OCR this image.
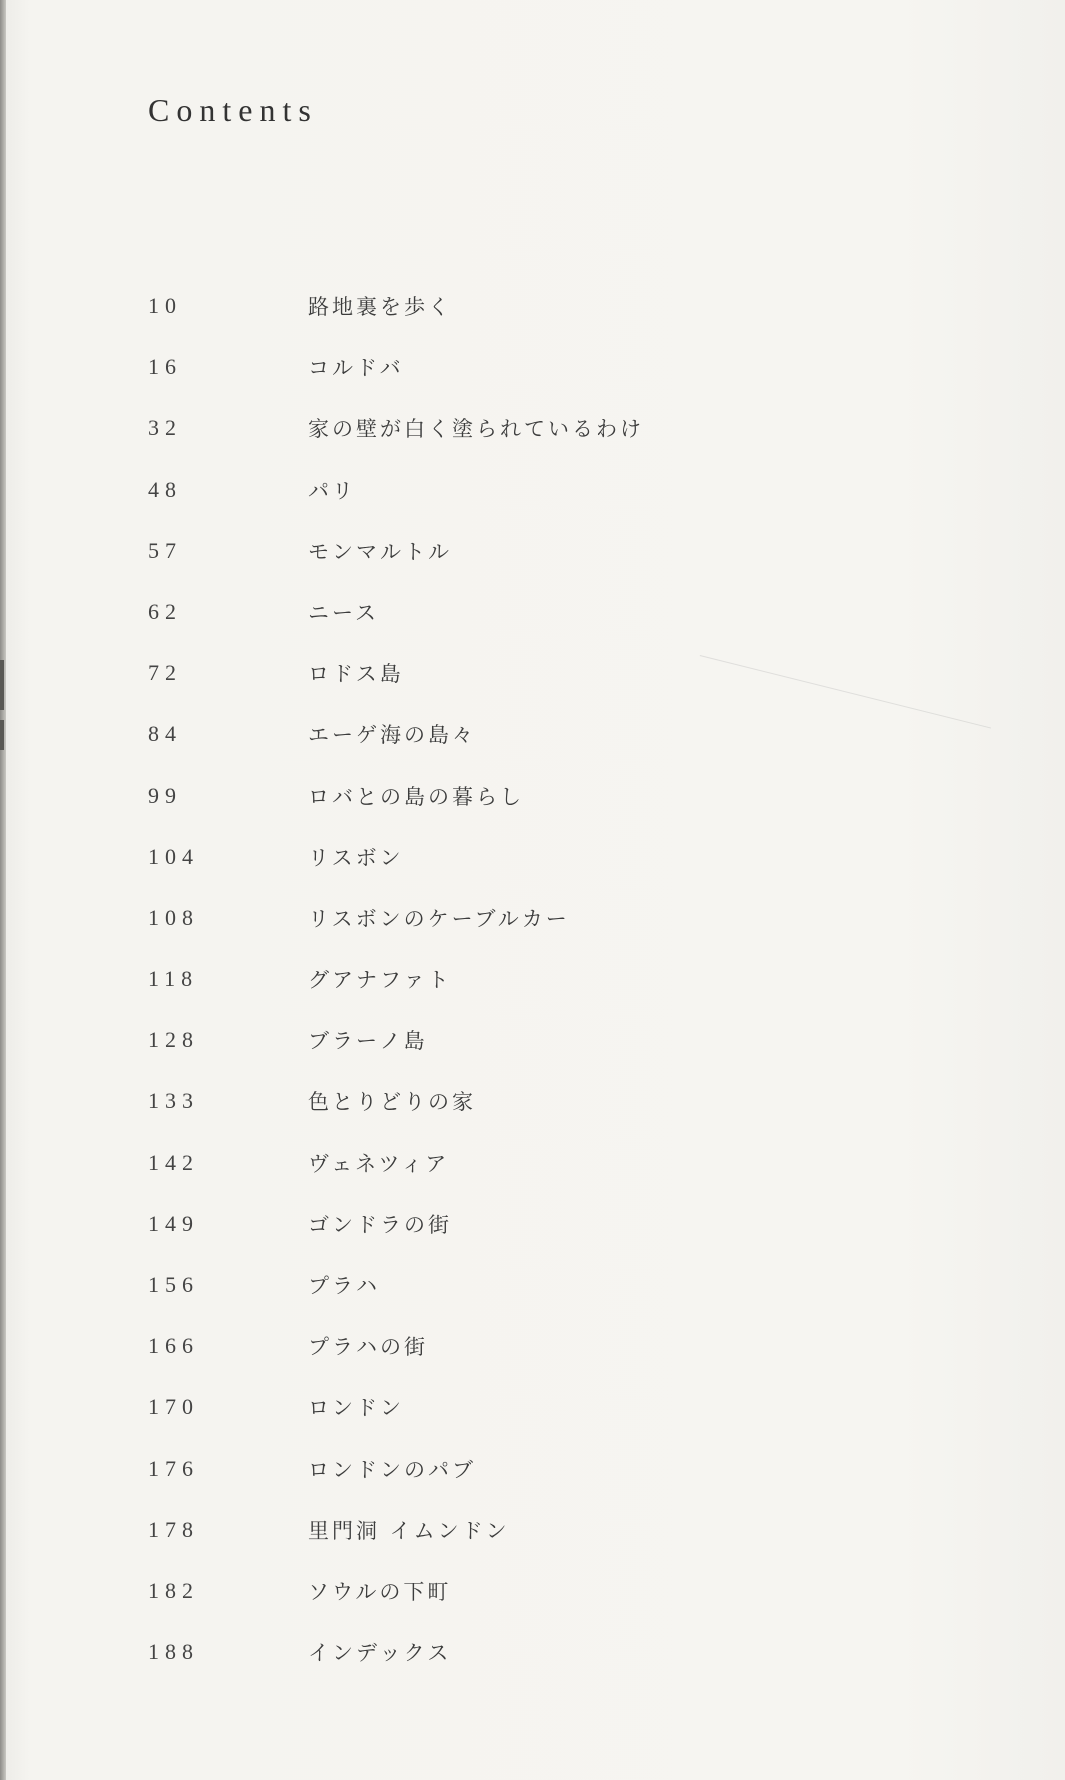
Contents
10	路地裏を歩く
16	コルドバ
32	家の壁が白く塗られているわけ
48	パリ
57	モンマルトル
62	ニース
72	ロドス島
84	エーゲ海の島々
99	ロバとの島の暮らし
104	リスボン
108	リスボンのケーブルカー
118	グアナファト
128	ブラーノ島
133	色とりどりの家
142	ヴェネツィア
149	ゴンドラの街
156	プラハ
166	プラハの街
170	ロンドン
176	ロンドンのパブ
178	里門洞 イムンドン
182	ソウルの下町
188	インデックス
